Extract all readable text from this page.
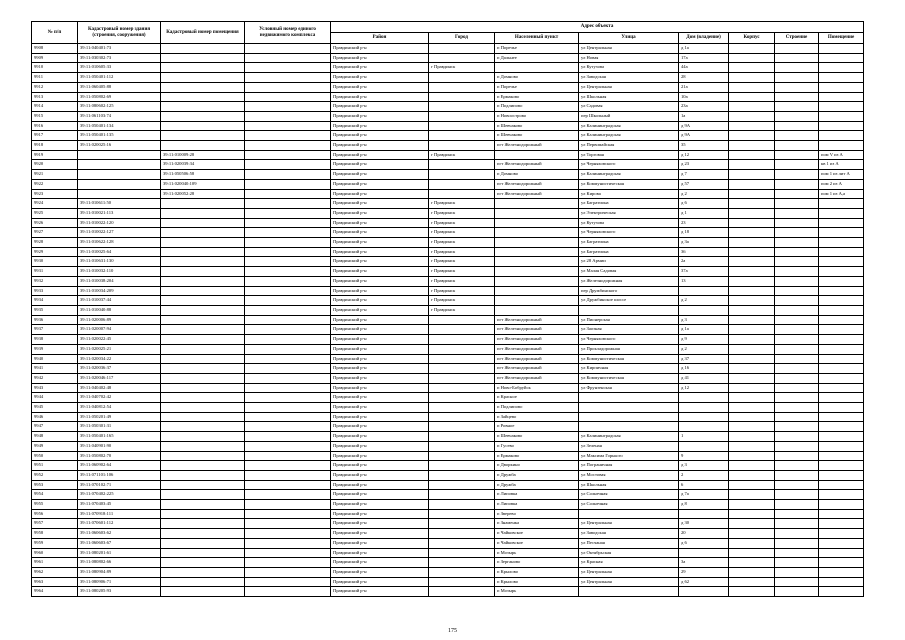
№ п/п	Кадастровый номер здания (строения, сооружения)	Кадастровый номер помещения	Условный номер единого недвижимого комплекса	Адрес объекта							
				Район	Город	Населенный пункт	Улица	Дом (владение)	Корпус	Строение	Помещение
9908	39:11:040401:73			Правдинский р-н		п Поречье	ул Центральная	д 1а			
9909	39:11:030302:73			Правдинский р-н		п Дальнее	ул Новая	17а			
9910	39:11:010605:33			Правдинский р-н	г Правдинск		ул Кутузова	44а			
9911	39:11:050401:112			Правдинский р-н		п Домново	ул Заводская	28			
9912	39:11:060405:88			Правдинский р-н		п Поречье	ул Центральная	21а			
9913	39:11:050802:69			Правдинский р-н		п Ермаково	ул Школьная	10а			
9914	39:11:080602:125			Правдинский р-н		п Подлипово	ул Садовая	23а			
9915	39:11:061103:74			Правдинский р-н		п Новоострово	пер Школьный	1а			
9916	39:11:050401:134			Правдинский р-н		п Шевчаково	ул Калининградская	д 9А			
9917	39:11:050401:135			Правдинский р-н		п Шевчаково	ул Калининградская	д 9А			
9918	39:11:020025:16			Правдинский р-н		пгт Железнодорожный	ул Первомайская	35			
9919		39:11:010009:28		Правдинский р-н	г Правдинск		ул Торговая	д 12			пом V из А
9920		39:11:020039:34		Правдинский р-н		пгт Железнодорожный	ул Черняховского	д 23			кв 1 из А
9921		39:11:050506:58		Правдинский р-н		п Домново	ул Калининградская	д 7			пом 1 из лит А
9922		39:11:020040:109		Правдинский р-н		пгт Железнодорожный	ул Коммунистическая	д 57			пом 2 из А
9923		39:11:020052:28		Правдинский р-н		пгт Железнодорожный	ул Кирова	д 2			пом 1 из А,а
9924	39:11:010611:50			Правдинский р-н	г Правдинск		ул Багратиона	д 6			
9925	39:11:010021:113			Правдинский р-н	г Правдинск		ул Электрическая	д 1			
9926	39:11:010022:120			Правдинский р-н	г Правдинск		ул Кутузова	23			
9927	39:11:010022:127			Правдинский р-н	г Правдинск		ул Черняховского	д 18			
9928	39:11:010622:128			Правдинский р-н	г Правдинск		ул Багратиона	д 3а			
9929	39:11:010025:64			Правдинский р-н	г Правдинск		ул Багратиона	36			
9930	39:11:010631:130			Правдинский р-н	г Правдинск		ул 28 Армии	2а			
9931	39:11:010032:110			Правдинский р-н	г Правдинск		ул Малая Садовая	37а			
9932	39:11:010038:204			Правдинский р-н	г Правдинск		ул Железнодорожная	13			
9933	39:11:010034:209			Правдинский р-н	г Правдинск		пер Дружбинского				
9934	39:11:010037:44			Правдинский р-н	г Правдинск		ул Дружбинское шоссе	д 2			
9935	39:11:010040:88			Правдинский р-н	г Правдинск						
9936	39:11:020006:89			Правдинский р-н		пгт Железнодорожный	ул Пионерская	д 3			
9937	39:11:020007:94			Правдинский р-н		пгт Железнодорожный	ул Заозная	д 1а			
9938	39:11:020022:45			Правдинский р-н		пгт Железнодорожный	ул Черняховского	д 9			
9939	39:11:020025:21			Правдинский р-н		пгт Железнодорожный	ул Прокладорожная	д 2			
9940	39:11:020034:22			Правдинский р-н		пгт Железнодорожный	ул Коммунистическая	д 37			
9941	39:11:020036:37			Правдинский р-н		пгт Железнодорожный	ул Кирпичная	д 16			
9942	39:11:020046:117			Правдинский р-н		пгт Железнодорожный	ул Коммунистическая	д 41			
9943	39:11:040402:48			Правдинский р-н		п Ново-Бобруйск	ул Фрунзенская	д 12			
9944	39:11:040702:42			Правдинский р-н		п Красное					
9945	39:11:040812:54			Правдинский р-н		п Подлипово					
9946	39:11:050201:49			Правдинский р-н		п Зайцево					
9947	39:11:050301:31			Правдинский р-н		п Ровное					
9948	39:11:050401:165			Правдинский р-н		п Шевчаково	ул Калининградская	1			
9949	39:11:040901:90			Правдинский р-н		п Гусево	ул Зеленая				
9950	39:11:050802:70			Правдинский р-н		п Ермаково	ул Максима Горького	9			
9951	39:11:060902:64			Правдинский р-н		п Дворкино	ул Пограничная	д 3			
9952	39:11:071101:106			Правдинский р-н		п Дружба	ул Мостовая	2			
9953	39:11:070102:71			Правдинский р-н		п Дружба	ул Школьная	6			
9954	39:11:070402:225			Правдинский р-н		п Липовка	ул Солнечная	д 7а			
9955	39:11:070403:45			Правдинский р-н		п Липовка	ул Солнечная	д 8			
9956	39:11:070918:111			Правдинский р-н		п Зверево					
9957	39:11:070601:112			Правдинский р-н		п Знаменка	ул Центральная	д 30			
9958	39:11:060603:62			Правдинский р-н		п Чайковское	ул Заводская	20			
9959	39:11:060603:67			Правдинский р-н		п Чайковское	ул Песчаная	д 6			
9960	39:11:080201:61			Правдинский р-н		п Мозырь	ул Октябрьская				
9961	39:11:080802:66			Правдинский р-н		п Зерганово	ул Красная	3а			
9962	39:11:080904:89			Правдинский р-н		п Крылово	ул Центральная	29			
9963	39:11:080906:71			Правдинский р-н		п Крылово	ул Центральная	д 62			
9964	39:11:080205:93			Правдинский р-н		п Мозырь					
175
